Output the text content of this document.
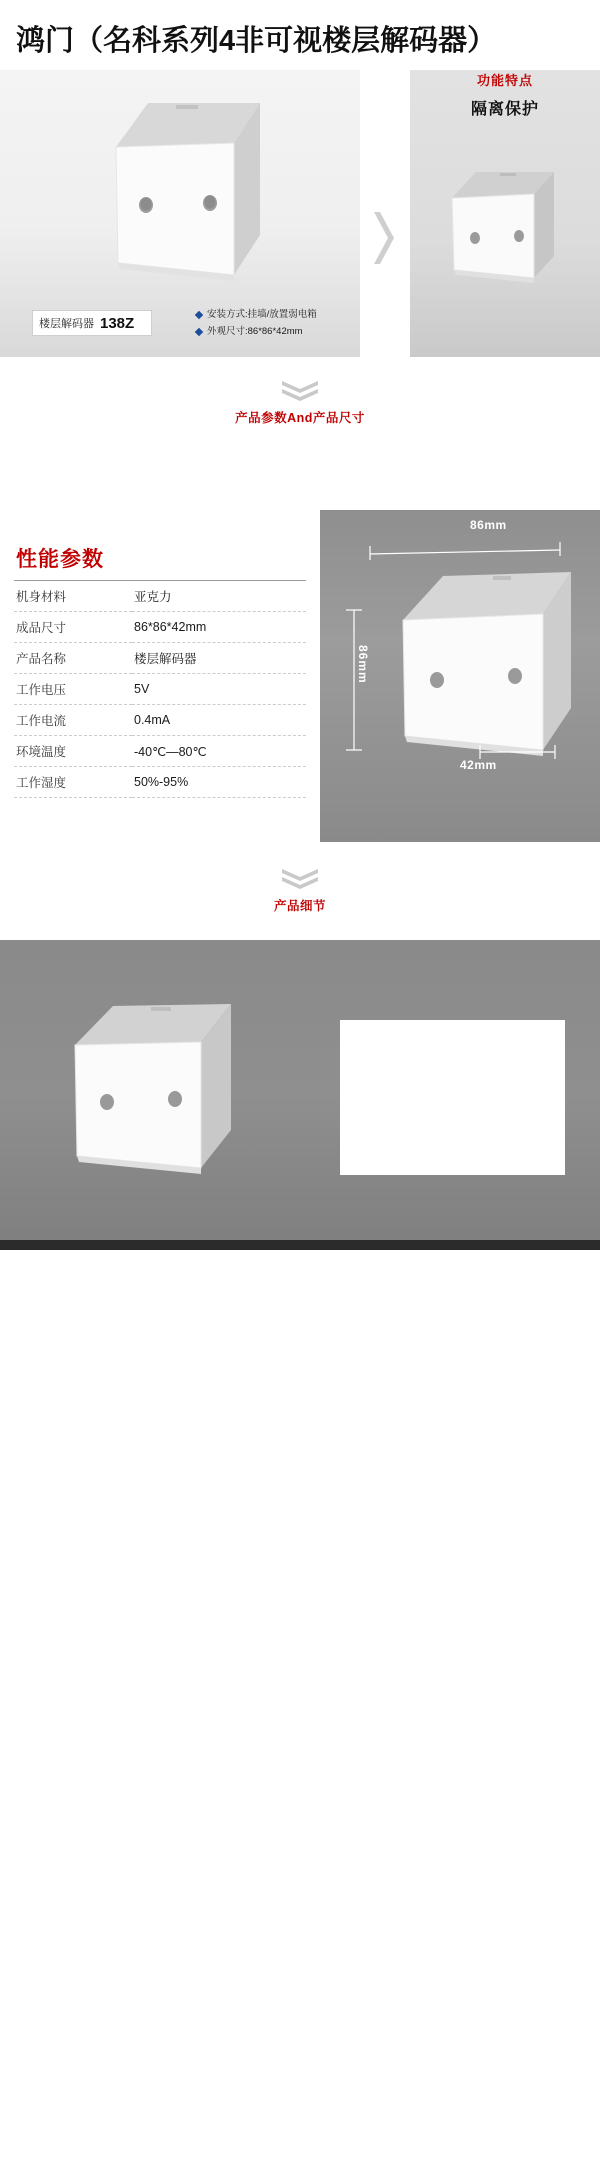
鸿门（名科系列4非可视楼层解码器）
功能特点
隔离保护
楼层解码器 138Z	安装方式:挂墙/放置弱电箱
外观尺寸:86*86*42mm
产品参数And产品尺寸
性能参数
机身材料	亚克力
成品尺寸	86*86*42mm
产品名称	楼层解码器
工作电压	5V
工作电流	0.4mA
环境温度	-40℃—80℃
工作湿度	50%-95%
86mm
86mm
42mm
产品细节
